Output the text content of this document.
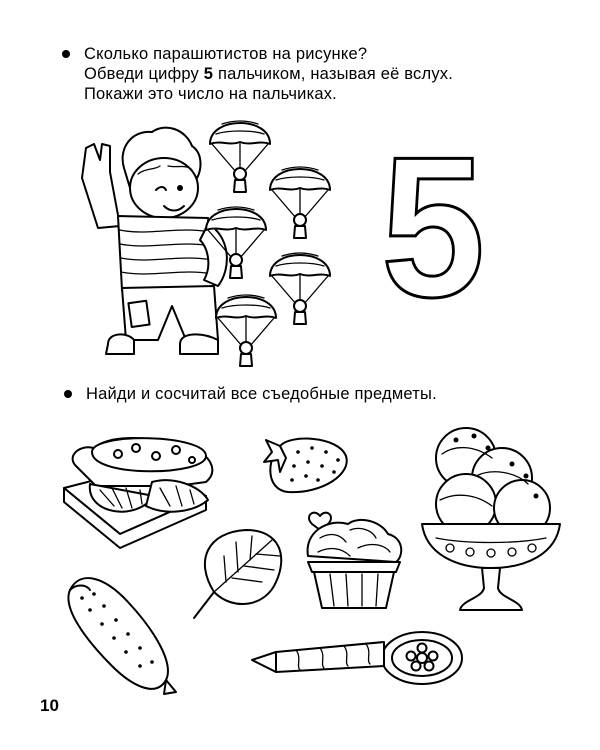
Сколько парашютистов на рисунке?
Обведи цифру 5 пальчиком, называя её вслух.
Покажи это число на пальчиках.
5
Найди и сосчитай все съедобные предметы.
10
